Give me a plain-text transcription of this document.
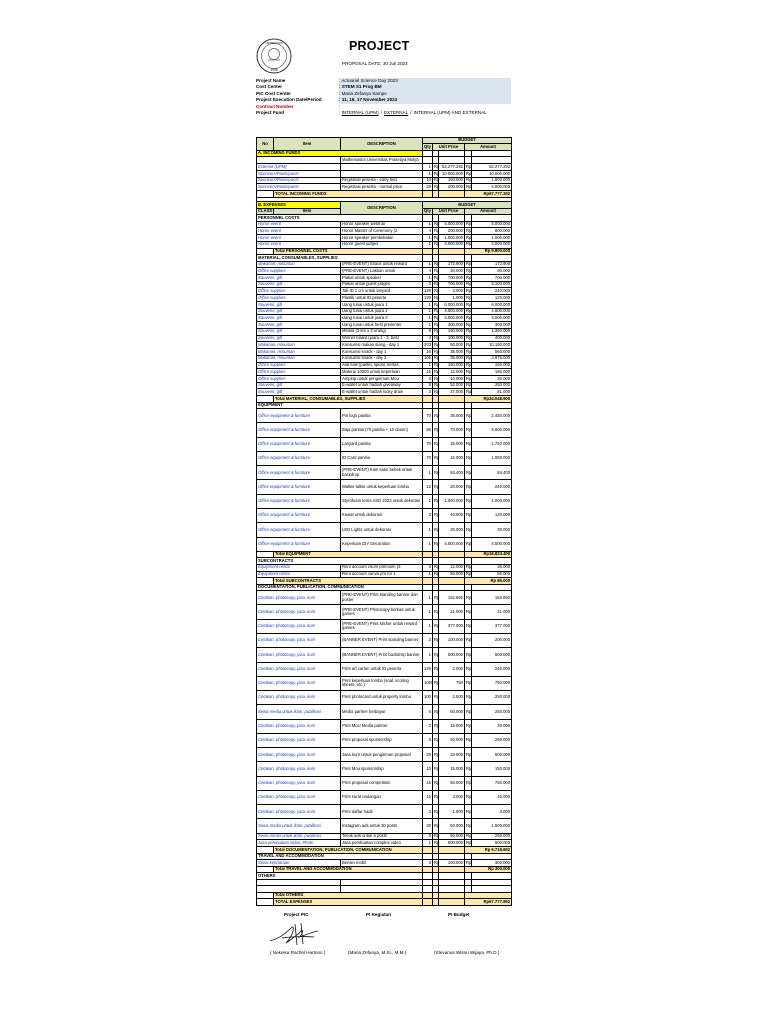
1995
UNIVERSITAS	PROJECT
PROPOSAL DATE: 30 Juli 2023
Project Name	: Actuarial Science Day 2023
Cost Center	: STEM S1 Prog BM
PIC Cost Center	: Maria Zefanya Sampe
Project Execution Date/Period	: 11, 16, 17 November 2023
Contract Number	:
Project Fund	: INTERNAL (UPM) / EXTERNAL / INTERNAL (UPM) AND EXTERNAL
No	Item	DESCRIPTION	BUDGET				
			Qty	Unit Price		Amount	
A. INCOMING FUNDS							
		Mathematics Universitas Prasetiya Mulya					
External (UPM)			1	Rp	52.277.292	Rp	52.277.292
Sponsors/Participants			1	Rp	10.000.000	Rp	10.000.000
Sponsors/Participants		Registrasi peserta - early bird	10	Rp	150.000	Rp	1.500.000
Sponsors/Participants		Registrasi peserta - normal price	20	Rp	200.000	Rp	4.000.000
	TOTAL INCOMING FUNDS					Rp67.777.292	

B. EXPENSES		DESCRIPTION	BUDGET				
CLASS	Item		Qty	Unit Price		Amount	
PERSONNEL COSTS							
Honor event		Honor speaker webinar	1	Rp	5.000.000	Rp	5.000.000
Honor event		Honor Master of Ceremony (2	4	Rp	200.000	Rp	800.000
Honor event		Honor speaker pembekalan	1	Rp	1.000.000	Rp	1.000.000
Honor event		Honor guest judges	1	Rp	3.000.000	Rp	3.000.000
	Total PERSONNEL COSTS					Rp 9.800.000	
MATERIAL, CONSUMABLES, SUPPLIES							
Makanan, minuman		(PRE-EVENT) Snack untuk reward	1	Rp	172.900	Rp	172.900
Office supplies		(PRE-EVENT) Lakban untuk	4	Rp	20.000	Rp	80.000
Souvenir, gift		Plakat untuk speaker	1	Rp	700.000	Rp	700.000
Souvenir, gift		Plakat untuk guest judges	3	Rp	700.000	Rp	2.100.000
Office supplies		Tali ID 1 cm untuk lanyard	120	Rp	2.000	Rp	240.000
Office supplies		Plastik untuk ID peserta	120	Rp	1.000	Rp	120.000
Souvenir, gift		Uang tunai untuk juara 1	1	Rp	6.000.000	Rp	6.000.000
Souvenir, gift		Uang tunai untuk juara 2	1	Rp	4.500.000	Rp	4.500.000
Souvenir, gift		Uang tunai untuk juara 3	1	Rp	3.000.000	Rp	3.000.000
Souvenir, gift		Uang tunai untuk best presenter	1	Rp	300.000	Rp	300.000
Souvenir, gift		Medali (3 tim x 3 orang)	9	Rp	150.000	Rp	1.350.000
Souvenir, gift		Winner board (juara 1 - 3, best	4	Rp	100.000	Rp	400.000
Makanan, minuman		Konsumsi makan siang - day 1	203	Rp	50.000	Rp	10.150.000
Makanan, minuman		Konsumsi snack - day 1	16	Rp	35.000	Rp	560.000
Makanan, minuman		Konsumsi snack - day 2	105	Rp	35.000	Rp	3.675.000
Office supplies		Alat tulis (pastel, spidol, kertas,	1	Rp	150.000	Rp	150.000
Office supplies		Materai 10000 untuk keperluan	15	Rp	12.000	Rp	180.000
Office supplies		Amplop untuk pengiriman Mou	3	Rp	10.000	Rp	30.000
Souvenir, gift		E-wallet untuk hadiah giveaway	5	Rp	52.000	Rp	260.000
Souvenir, gift		E-wallet untuk hadiah lucky draw	3	Rp	27.000	Rp	81.000
	Total MATERIAL, CONSUMABLES, SUPPLIES					Rp34.048.900	
EQUIPMENT							
Office equipment & furniture		Pin logo panitia	70	Rp	35.000	Rp	2.450.000
Office equipment & furniture		Baju panitia (70 panitia + 10 dosen)	80	Rp	70.000	Rp	5.600.000
Office equipment & furniture		Lanyard panitia	70	Rp	25.000	Rp	1.750.000
Office equipment & furniture		ID Card panitia	70	Rp	15.000	Rp	1.050.000
Office equipment & furniture		(PRE-EVENT) Kain satin bebek untuk backdrop	1	Rp	84.400	Rp	84.400
Office equipment & furniture		Walkie talkie untuk keperluan lomba	12	Rp	20.000	Rp	240.000
Office equipment & furniture		Styrofoam tema ASD 2023 untuk dekorasi	1	Rp	1.000.000	Rp	1.000.000
Office equipment & furniture		Kawat untuk dekorasi	3	Rp	40.000	Rp	120.000
Office equipment & furniture		LED Lights untuk dekorasi	1	Rp	30.000	Rp	30.000
Office equipment & furniture		Keperluan DIY Decoration	1	Rp	4.500.000	Rp	4.500.000
	Total EQUIPMENT					Rp16.824.400	
SUBCONTRACTS							
Equipment rental		Rent account zoom premium (3	3	Rp	12.000	Rp	36.000
Equipment rental		Rent account canva pro for 1	1	Rp	50.000	Rp	50.000
	Total SUBCONTRACTS					Rp 86.000	
DOCUMENTATION, PUBLICATION, COMMUNICATION							
Cetakan, photocopy, jasa, kurir		(PRE-EVENT) Print standing banner dan poster	1	Rp	152.692	Rp	152.692
Cetakan, photocopy, jasa, kurir		(PRE-EVENT) Photocopy berkas untuk games	1	Rp	21.000	Rp	21.000
Cetakan, photocopy, jasa, kurir		(PRE-EVENT) Print sticker untuk reward games	1	Rp	377.000	Rp	377.000
Cetakan, photocopy, jasa, kurir		(BANNER EVENT) Print standing banner	2	Rp	100.000	Rp	200.000
Cetakan, photocopy, jasa, kurir		(BANNER EVENT) Print backdrop banner	1	Rp	500.000	Rp	500.000
Cetakan, photocopy, jasa, kurir		Print art carton untuk ID peserta	120	Rp	2.000	Rp	240.000
Cetakan, photocopy, jasa, kurir		Print keperluan lomba (soal, scoring sheets, etc.)	1000	Rp	750	Rp	750.000
Cetakan, photocopy, jasa, kurir		Print photocard untuk property lomba	100	Rp	2.500	Rp	250.000
Sewa media untuk iklan, publikasi		Media partner berbayar	5	Rp	50.000	Rp	250.000
Cetakan, photocopy, jasa, kurir		Print MoU Media partner	2	Rp	15.000	Rp	30.000
Cetakan, photocopy, jasa, kurir		Print proposal sponsorship	5	Rp	50.000	Rp	250.000
Cetakan, photocopy, jasa, kurir		Jasa kurir untuk pengiriman proposal	20	Rp	25.000	Rp	500.000
Cetakan, photocopy, jasa, kurir		Print Mou sponsorship	10	Rp	15.000	Rp	150.000
Cetakan, photocopy, jasa, kurir		Print proposal competition	15	Rp	50.000	Rp	750.000
Cetakan, photocopy, jasa, kurir		Print surat undangan	15	Rp	3.000	Rp	45.000
Cetakan, photocopy, jasa, kurir		Print daftar hadir	2	Rp	1.500	Rp	3.000
Sewa media untuk iklan, publikasi		Instagram ads untuk 30 posts	30	Rp	50.000	Rp	1.500.000
Sewa media untuk iklan, publikasi		Tiktok ads untuk 5 posts	5	Rp	50.000	Rp	250.000
Jasa pembuatan video, Photo		Jasa pembuatan complex video	1	Rp	500.000	Rp	500.000
	Total DOCUMENTATION, PUBLICATION, COMMUNICATION					Rp 6.718.692	
TRAVEL AND ACCOMMODATION							
Sewa kendaraan		Bensin mobil	3	Rp	100.000	Rp	300.000
	Total TRAVEL AND ACCOMMODATION					Rp 300.000	
OTHERS							

	Total OTHERS						
	TOTAL EXPENSES					Rp67.777.992	
Project PIC	PI Kegiatan	PI Budget
( Nekeisa Rachel Hartono )	(Maria Zefanya, M.Si., M.M.)	(Stevanus Wisnu Wijaya, Ph.D.)
